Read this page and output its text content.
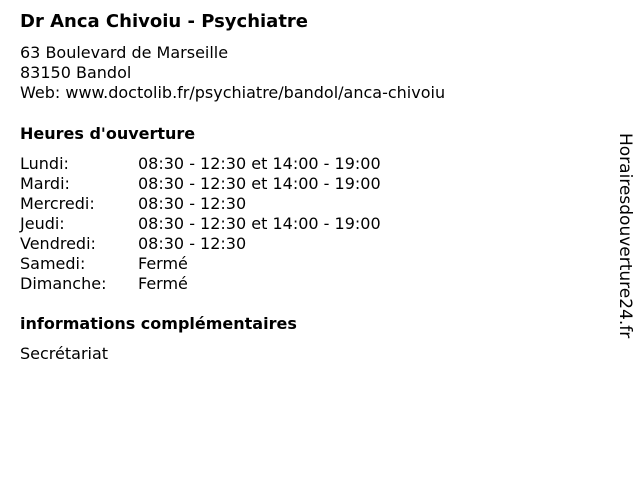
Dr Anca Chivoiu - Psychiatre
63 Boulevard de Marseille
83150 Bandol
Web: www.doctolib.fr/psychiatre/bandol/anca-chivoiu
Heures d'ouverture
Lundi:	08:30 - 12:30 et 14:00 - 19:00
Mardi:	08:30 - 12:30 et 14:00 - 19:00
Mercredi:	08:30 - 12:30
Jeudi:	08:30 - 12:30 et 14:00 - 19:00
Vendredi:	08:30 - 12:30
Samedi:	Fermé
Dimanche: Fermé
informations complémentaires
Secrétariat
Horairesdouverture24.fr
